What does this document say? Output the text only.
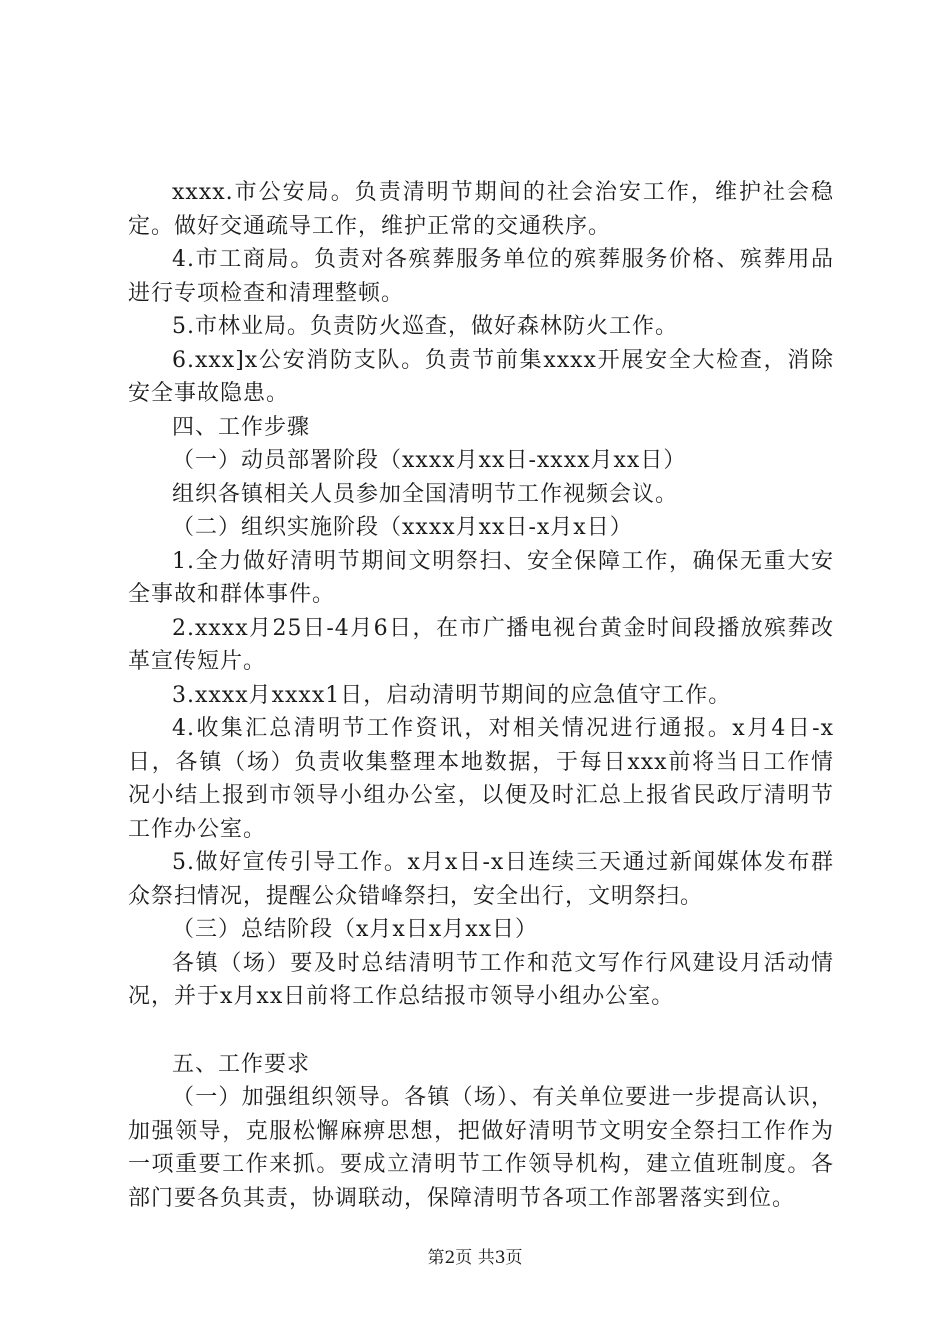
xxxx.市公安局。负责清明节期间的社会治安工作，维护社会稳定。做好交通疏导工作，维护正常的交通秩序。

4.市工商局。负责对各殡葬服务单位的殡葬服务价格、殡葬用品进行专项检查和清理整顿。

5.市林业局。负责防火巡查，做好森林防火工作。

6.xxx]x公安消防支队。负责节前集xxxx开展安全大检查，消除安全事故隐患。

四、工作步骤

（一）动员部署阶段（xxxx月xx日-xxxx月xx日）

组织各镇相关人员参加全国清明节工作视频会议。

（二）组织实施阶段（xxxx月xx日-x月x日）

1.全力做好清明节期间文明祭扫、安全保障工作，确保无重大安全事故和群体事件。

2.xxxx月25日-4月6日，在市广播电视台黄金时间段播放殡葬改革宣传短片。

3.xxxx月xxxx1日，启动清明节期间的应急值守工作。

4.收集汇总清明节工作资讯，对相关情况进行通报。x月4日-x日，各镇（场）负责收集整理本地数据，于每日xxx前将当日工作情况小结上报到市领导小组办公室，以便及时汇总上报省民政厅清明节工作办公室。

5.做好宣传引导工作。x月x日-x日连续三天通过新闻媒体发布群众祭扫情况，提醒公众错峰祭扫，安全出行，文明祭扫。

（三）总结阶段（x月x日x月xx日）

各镇（场）要及时总结清明节工作和范文写作行风建设月活动情况，并于x月xx日前将工作总结报市领导小组办公室。

五、工作要求

（一）加强组织领导。各镇（场）、有关单位要进一步提高认识，加强领导，克服松懈麻痹思想，把做好清明节文明安全祭扫工作作为一项重要工作来抓。要成立清明节工作领导机构，建立值班制度。各部门要各负其责，协调联动，保障清明节各项工作部署落实到位。

第2页 共3页
